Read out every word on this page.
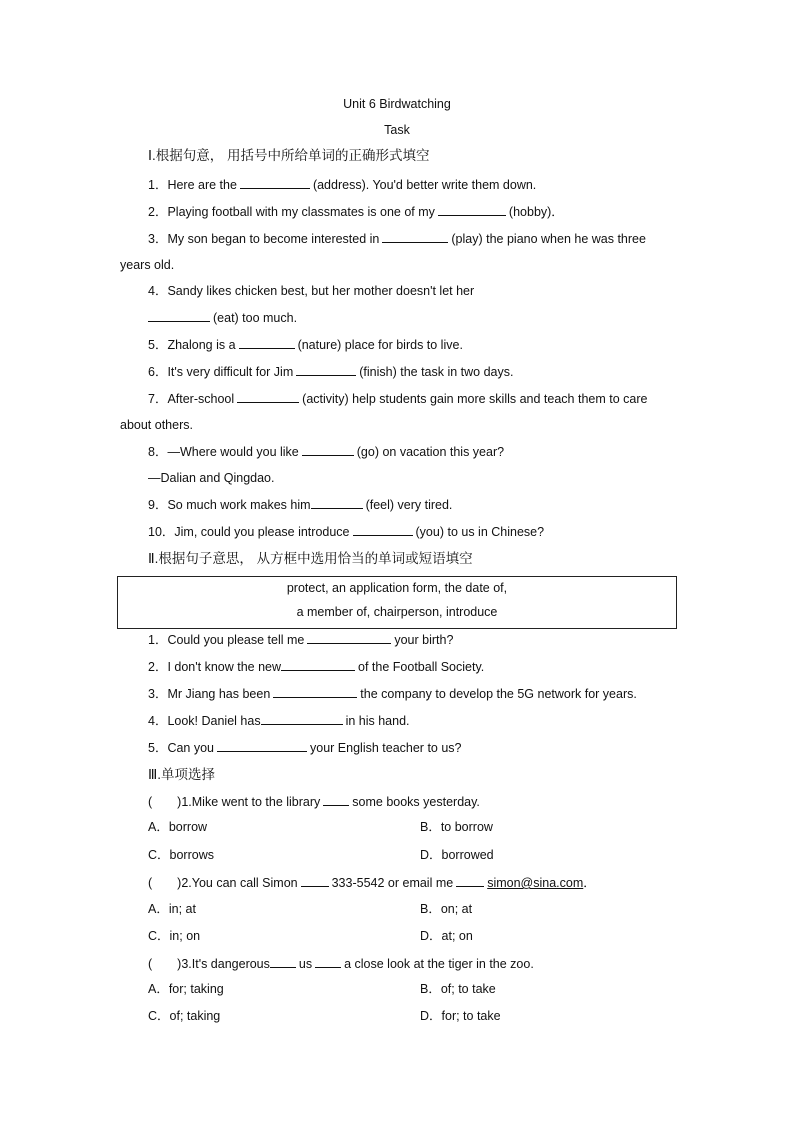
Unit 6 Birdwatching
Task
Ⅰ.根据句意， 用括号中所给单词的正确形式填空
1．Here are the	(address). You'd better write them down.
2．Playing football with my classmates is one of my	(hobby)．
3．My son began to become interested in	(play) the piano when he was three
years old.
4．Sandy likes chicken best, but her mother doesn't let her
(eat) too much.
5．Zhalong is a	(nature) place for birds to live.
6．It's very difficult for Jim	(finish) the task in two days.
7．After-school	(activity) help students gain more skills and teach them to care
about others.
8．—Where would you like	(go) on vacation this year?
—Dalian and Qingdao.
9．So much work makes him	(feel) very tired.
10．Jim, could you please introduce	(you) to us in Chinese?
Ⅱ.根据句子意思， 从方框中选用恰当的单词或短语填空
protect, an application form, the date of,
a member of, chairperson, introduce
1．Could you please tell me	your birth?
2．I don't know the new	of the Football Society.
3．Mr Jiang has been	the company to develop the 5G network for years.
4．Look! Daniel has	in his hand.
5．Can you	your English teacher to us?
Ⅲ.单项选择
(　　)1.Mike went to the library	some books yesterday.
A．borrow	B．to borrow
C．borrows	D．borrowed
(　　)2.You can call Simon	333-5542 or email me	simon@sina.com．
A．in; at	B．on; at
C．in; on	D．at; on
(　　)3.It's dangerous us	a close look at the tiger in the zoo.
A．for; taking	B．of; to take
C．of; taking	D．for; to take
